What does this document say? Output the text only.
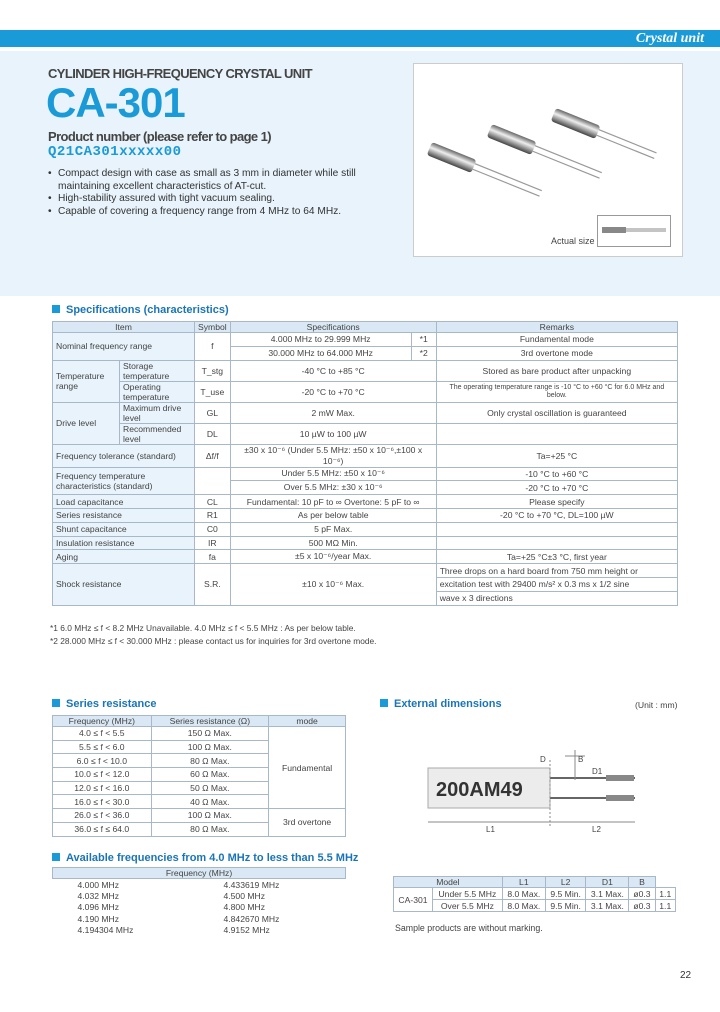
Crystal unit
CYLINDER HIGH-FREQUENCY CRYSTAL UNIT
CA-301
Product number (please refer to page 1)
Q21CA301xxxxx00
• Compact design with case as small as 3 mm in diameter while still maintaining excellent characteristics of AT-cut.
• High-stability assured with tight vacuum sealing.
• Capable of covering a frequency range from 4 MHz to 64 MHz.
Actual size
Specifications (characteristics)
Item		Symbol	Specifications		Remarks
Nominal frequency range		f	4.000 MHz to 29.999 MHz	*1	Fundamental mode
			30.000 MHz to 64.000 MHz	*2	3rd overtone mode
Temperature range	Storage temperature	T_stg	-40 °C to +85 °C		Stored as bare product after unpacking
	Operating temperature	T_use	-20 °C to +70 °C		The operating temperature range is -10 °C to +60 °C for 6.0 MHz and below.
Drive level	Maximum drive level	GL	2 mW Max.		Only crystal oscillation is guaranteed
	Recommended level	DL	10 µW to 100 µW		
Frequency tolerance (standard)		Δf/f	±30 x 10⁻⁶ (Under 5.5 MHz: ±50 x 10⁻⁶,±100 x 10⁻⁶)		Ta=+25 °C
Frequency temperature characteristics (standard)			Under 5.5 MHz: ±50 x 10⁻⁶		-10 °C to +60 °C
			Over 5.5 MHz: ±30 x 10⁻⁶		-20 °C to +70 °C
Load capacitance		CL	Fundamental: 10 pF to ∞ Overtone: 5 pF to ∞		Please specify
Series resistance		R1	As per below table		-20 °C to +70 °C, DL=100 µW
Shunt capacitance		C0	5 pF Max.		
Insulation resistance		IR	500 MΩ Min.		
Aging		fa	±5 x 10⁻⁶/year Max.		Ta=+25 °C±3 °C, first year
Shock resistance		S.R.	±10 x 10⁻⁶ Max.		Three drops on a hard board from 750 mm height or
					excitation test with 29400 m/s² x 0.3 ms x 1/2 sine
					wave x 3 directions
*1 6.0 MHz ≤ f < 8.2 MHz Unavailable. 4.0 MHz ≤ f < 5.5 MHz : As per below table.
*2 28.000 MHz ≤ f < 30.000 MHz : please contact us for inquiries for 3rd overtone mode.
Series resistance
Frequency (MHz)	Series resistance (Ω)	mode
4.0 ≤ f < 5.5	150 Ω Max.	Fundamental
5.5 ≤ f < 6.0	100 Ω Max.	
6.0 ≤ f < 10.0	80 Ω Max.	
10.0 ≤ f < 12.0	60 Ω Max.	
12.0 ≤ f < 16.0	50 Ω Max.	
16.0 ≤ f < 30.0	40 Ω Max.	
26.0 ≤ f < 36.0	100 Ω Max.	3rd overtone
36.0 ≤ f ≤ 64.0	80 Ω Max.	
Available frequencies from 4.0 MHz to less than 5.5 MHz
Frequency (MHz)	
4.000 MHz	4.433619 MHz
4.032 MHz	4.500 MHz
4.096 MHz	4.800 MHz
4.190 MHz	4.842670 MHz
4.194304 MHz	4.9152 MHz
External dimensions	(Unit : mm)
D	B
D1
L1	L2
200AM49
Model		L1	L2	D1	B	
CA-301	Under 5.5 MHz	8.0 Max.	9.5 Min.	3.1 Max.	ø0.3	1.1
	Over 5.5 MHz	8.0 Max.	9.5 Min.	3.1 Max.	ø0.3	1.1
Sample products are without marking.
22
